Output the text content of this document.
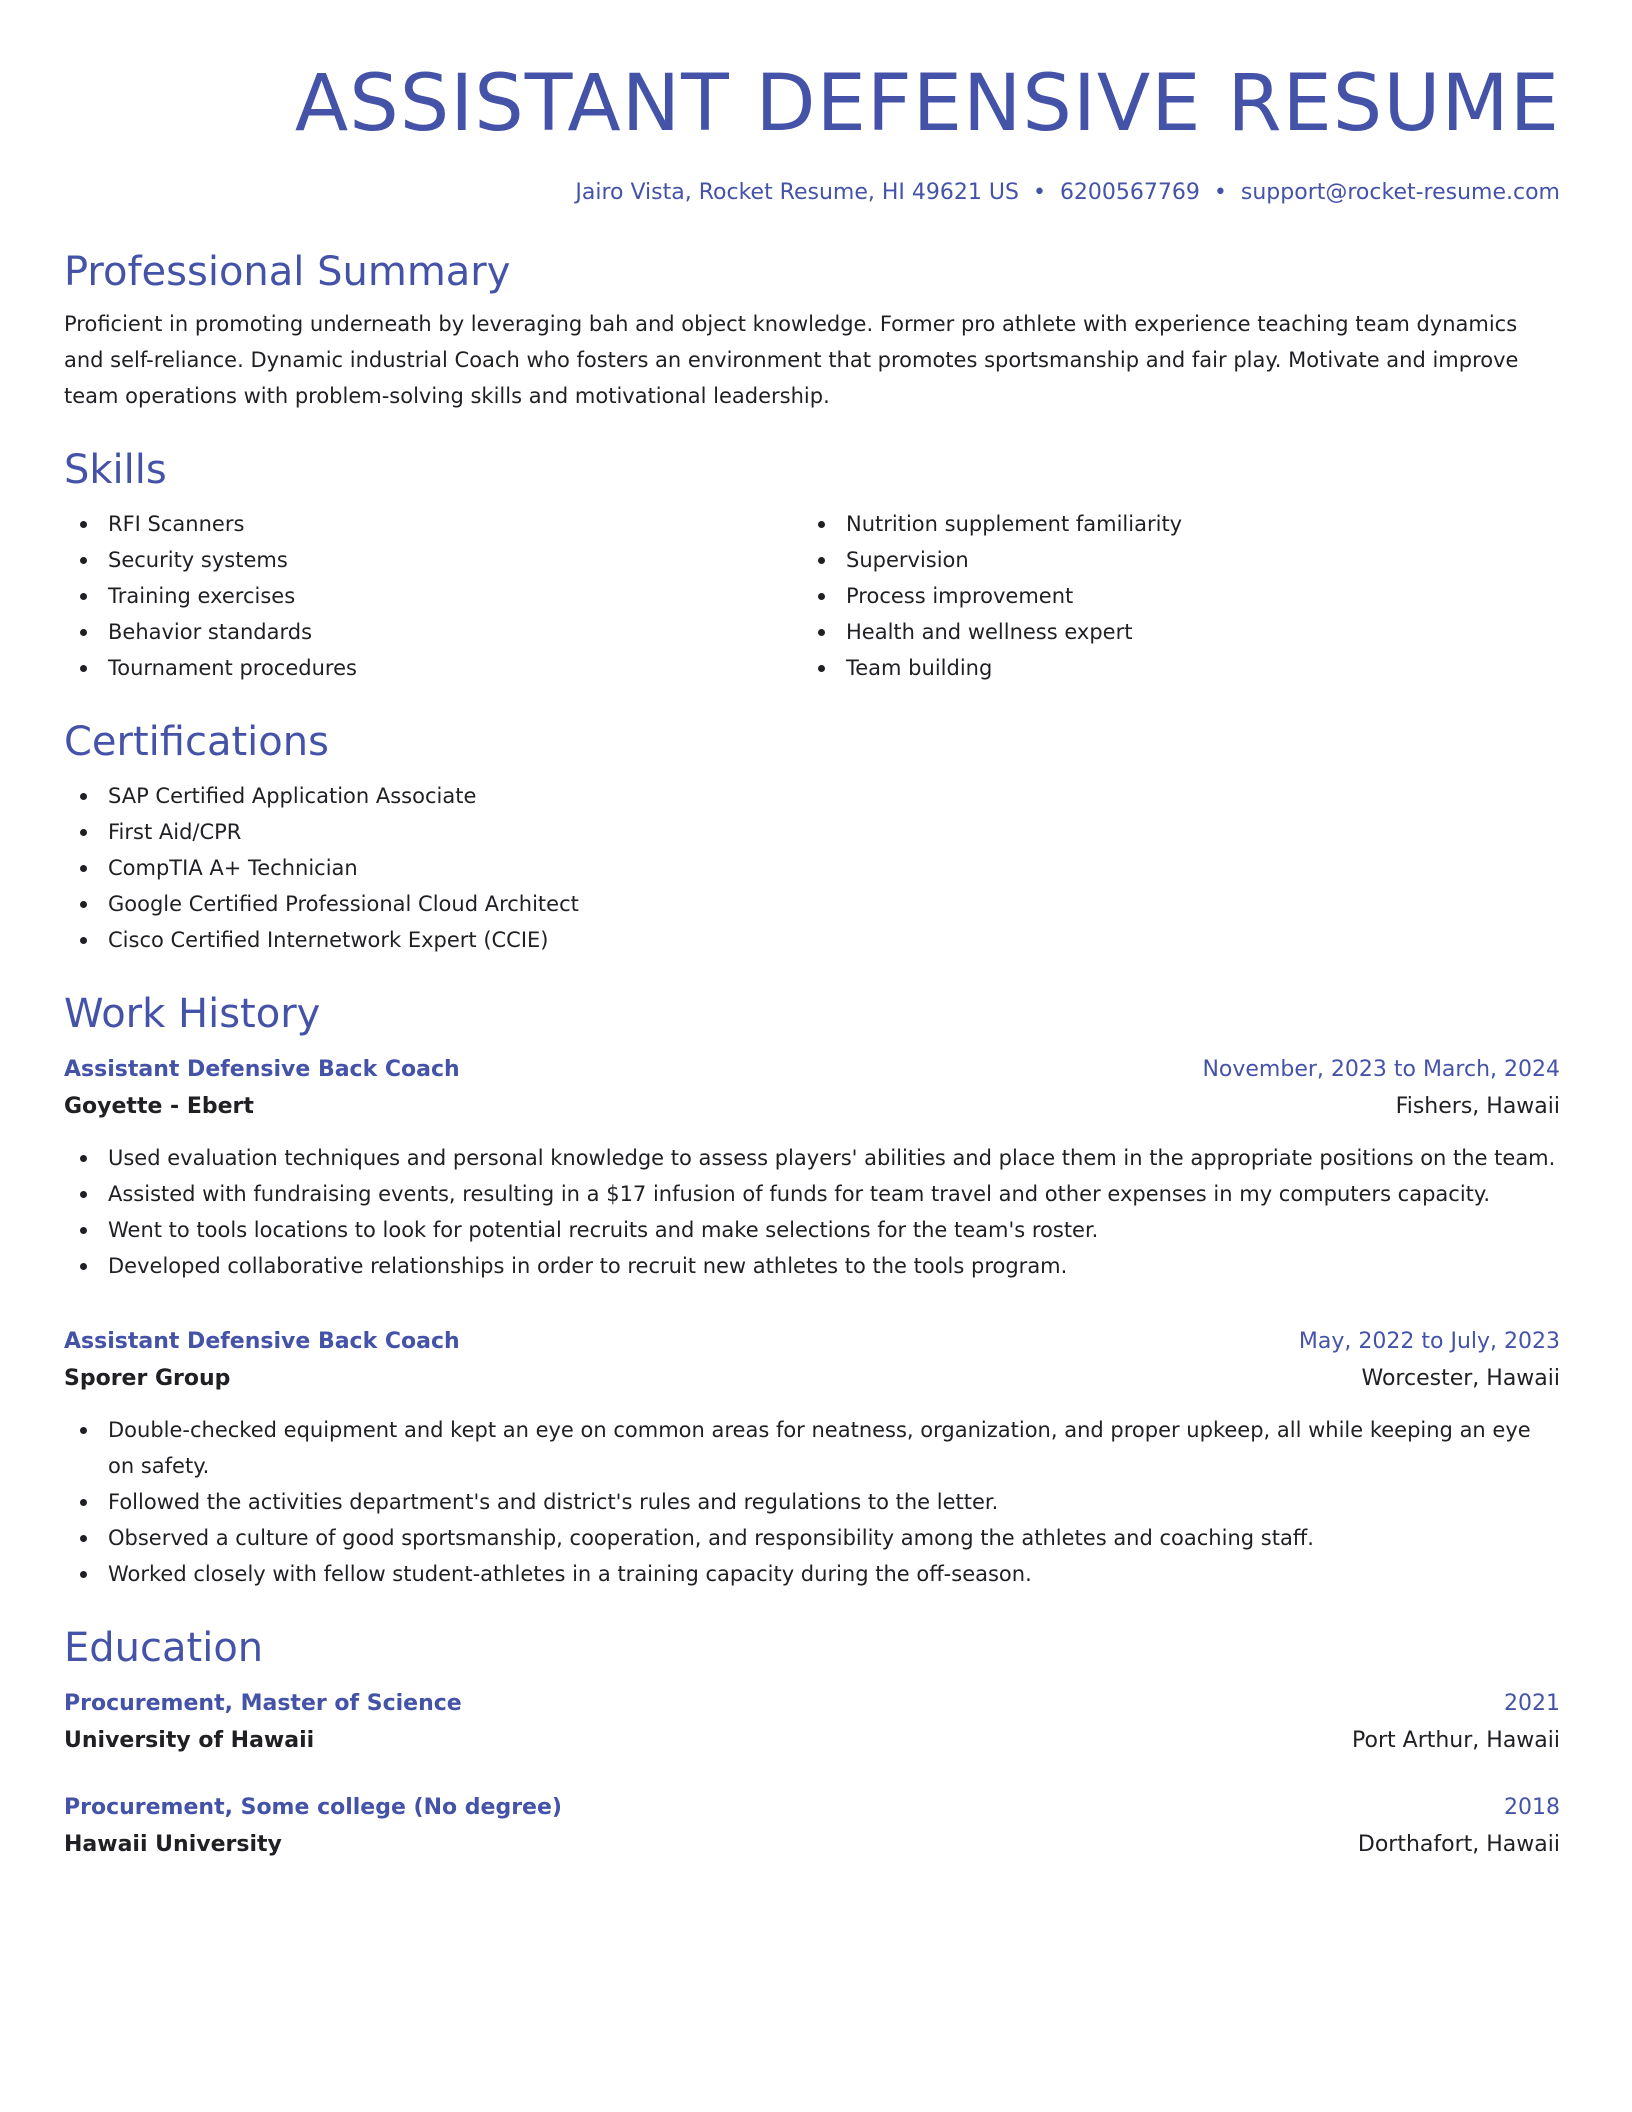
ASSISTANT DEFENSIVE RESUME
Jairo Vista, Rocket Resume, HI 49621 US • 6200567769 • support@rocket-resume.com
Professional Summary

Proficient in promoting underneath by leveraging bah and object knowledge. Former pro athlete with experience teaching team dynamics and self-reliance. Dynamic industrial Coach who fosters an environment that promotes sportsmanship and fair play. Motivate and improve team operations with problem-solving skills and motivational leadership.

Skills
RFI Scanners
Security systems
Training exercises
Behavior standards
Tournament procedures
Nutrition supplement familiarity
Supervision
Process improvement
Health and wellness expert
Team building
Certifications
SAP Certified Application Associate
First Aid/CPR
CompTIA A+ Technician
Google Certified Professional Cloud Architect
Cisco Certified Internetwork Expert (CCIE)
Work History
Assistant Defensive Back Coach	November, 2023 to March, 2024
Goyette - Ebert	Fishers, Hawaii
Used evaluation techniques and personal knowledge to assess players' abilities and place them in the appropriate positions on the team.
Assisted with fundraising events, resulting in a $17 infusion of funds for team travel and other expenses in my computers capacity.
Went to tools locations to look for potential recruits and make selections for the team's roster.
Developed collaborative relationships in order to recruit new athletes to the tools program.
Assistant Defensive Back Coach	May, 2022 to July, 2023
Sporer Group	Worcester, Hawaii
Double-checked equipment and kept an eye on common areas for neatness, organization, and proper upkeep, all while keeping an eye on safety.
Followed the activities department's and district's rules and regulations to the letter.
Observed a culture of good sportsmanship, cooperation, and responsibility among the athletes and coaching staff.
Worked closely with fellow student-athletes in a training capacity during the off-season.
Education
Procurement, Master of Science	2021
University of Hawaii	Port Arthur, Hawaii
Procurement, Some college (No degree)	2018
Hawaii University	Dorthafort, Hawaii
